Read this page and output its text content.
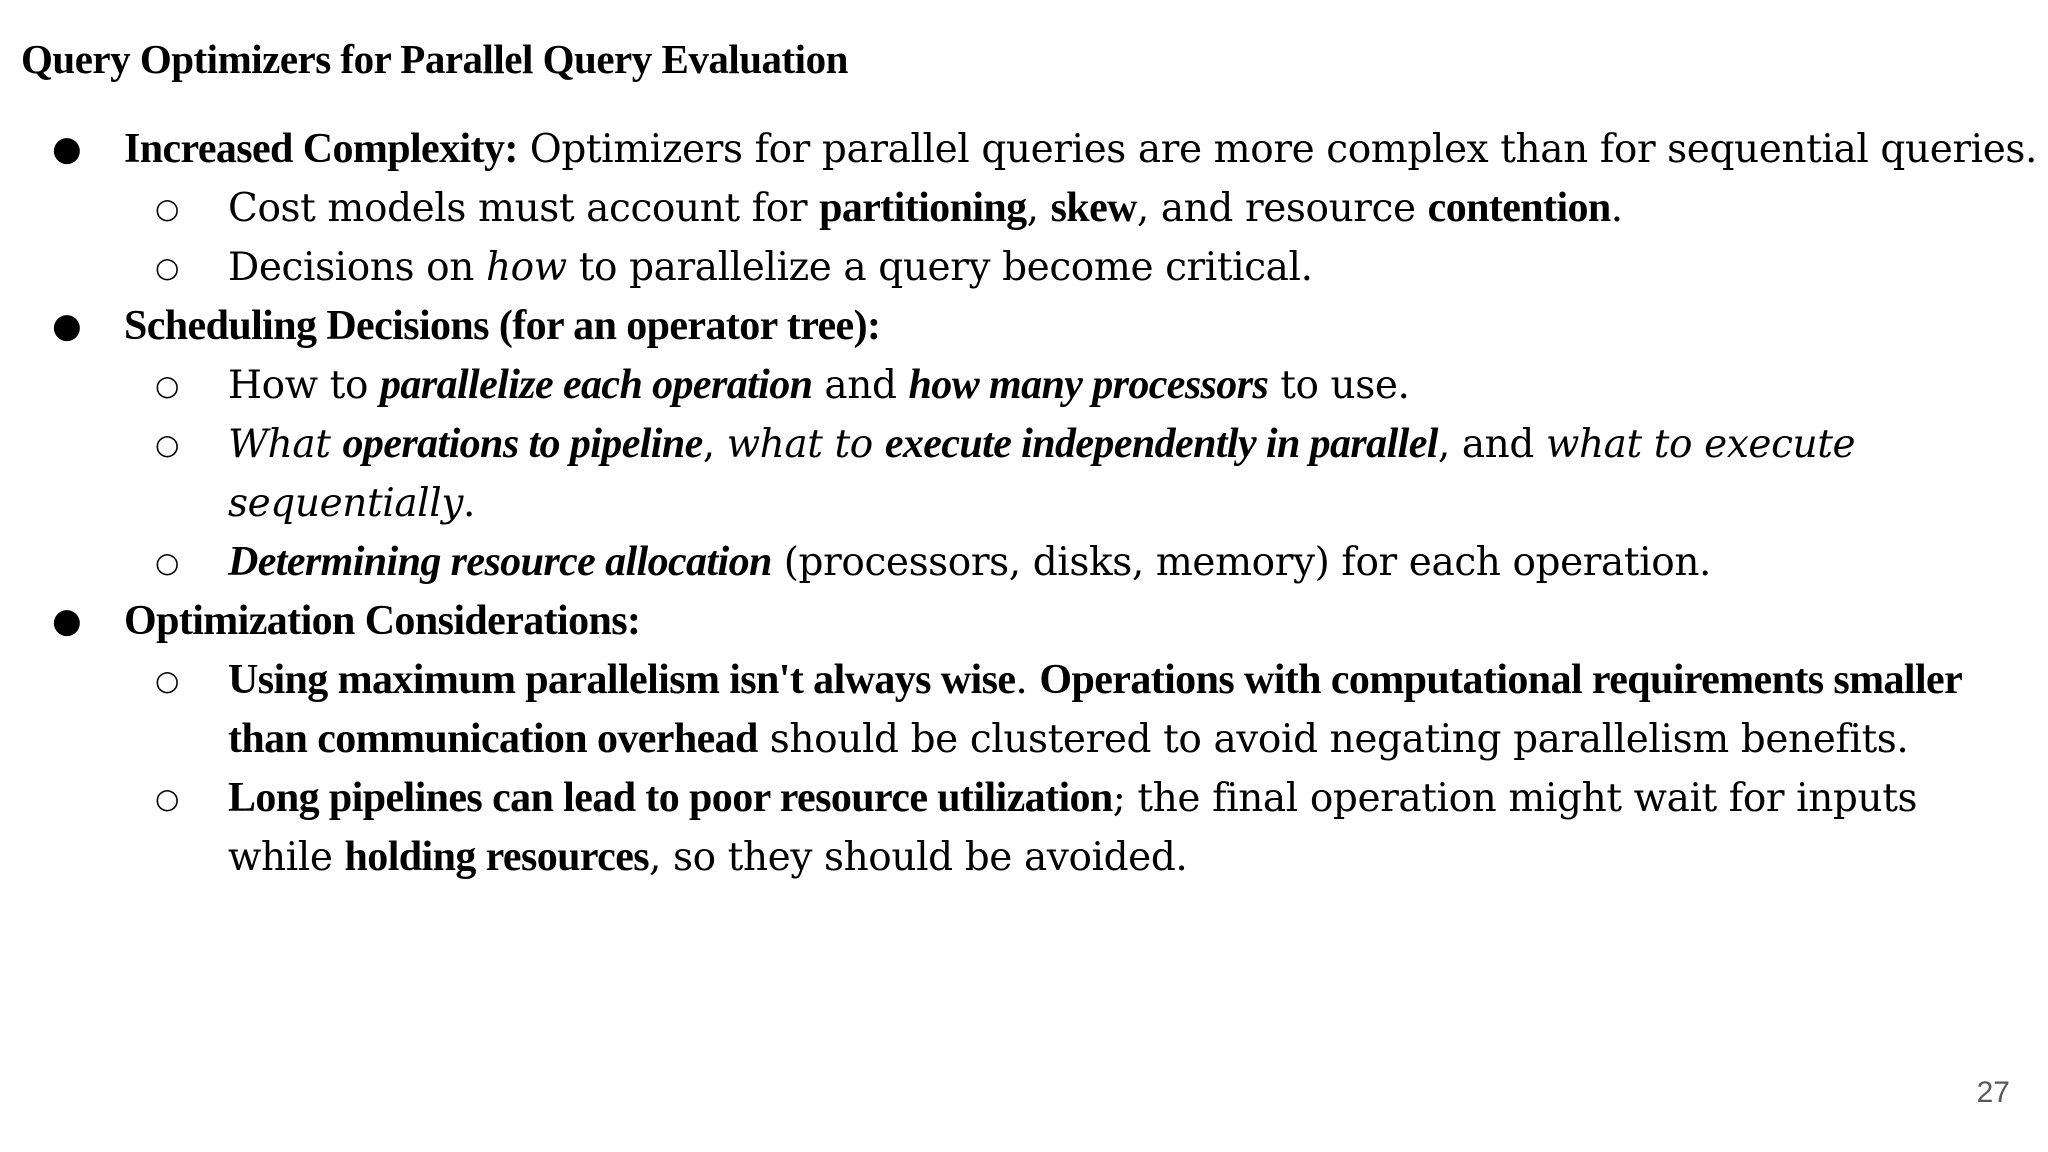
Query Optimizers for Parallel Query Evaluation
● Increased Complexity: Optimizers for parallel queries are more complex than for sequential queries.
○	Cost models must account for partitioning, skew, and resource contention.
○	Decisions on how to parallelize a query become critical.
● Scheduling Decisions (for an operator tree):
○	How to parallelize each operation and how many processors to use.
○	What operations to pipeline, what to execute independently in parallel, and what to execute sequentially.
○	Determining resource allocation (processors, disks, memory) for each operation.
● Optimization Considerations:
○	Using maximum parallelism isn't always wise. Operations with computational requirements smaller than communication overhead should be clustered to avoid negating parallelism benefits.
○	Long pipelines can lead to poor resource utilization; the final operation might wait for inputs while holding resources, so they should be avoided.
27
